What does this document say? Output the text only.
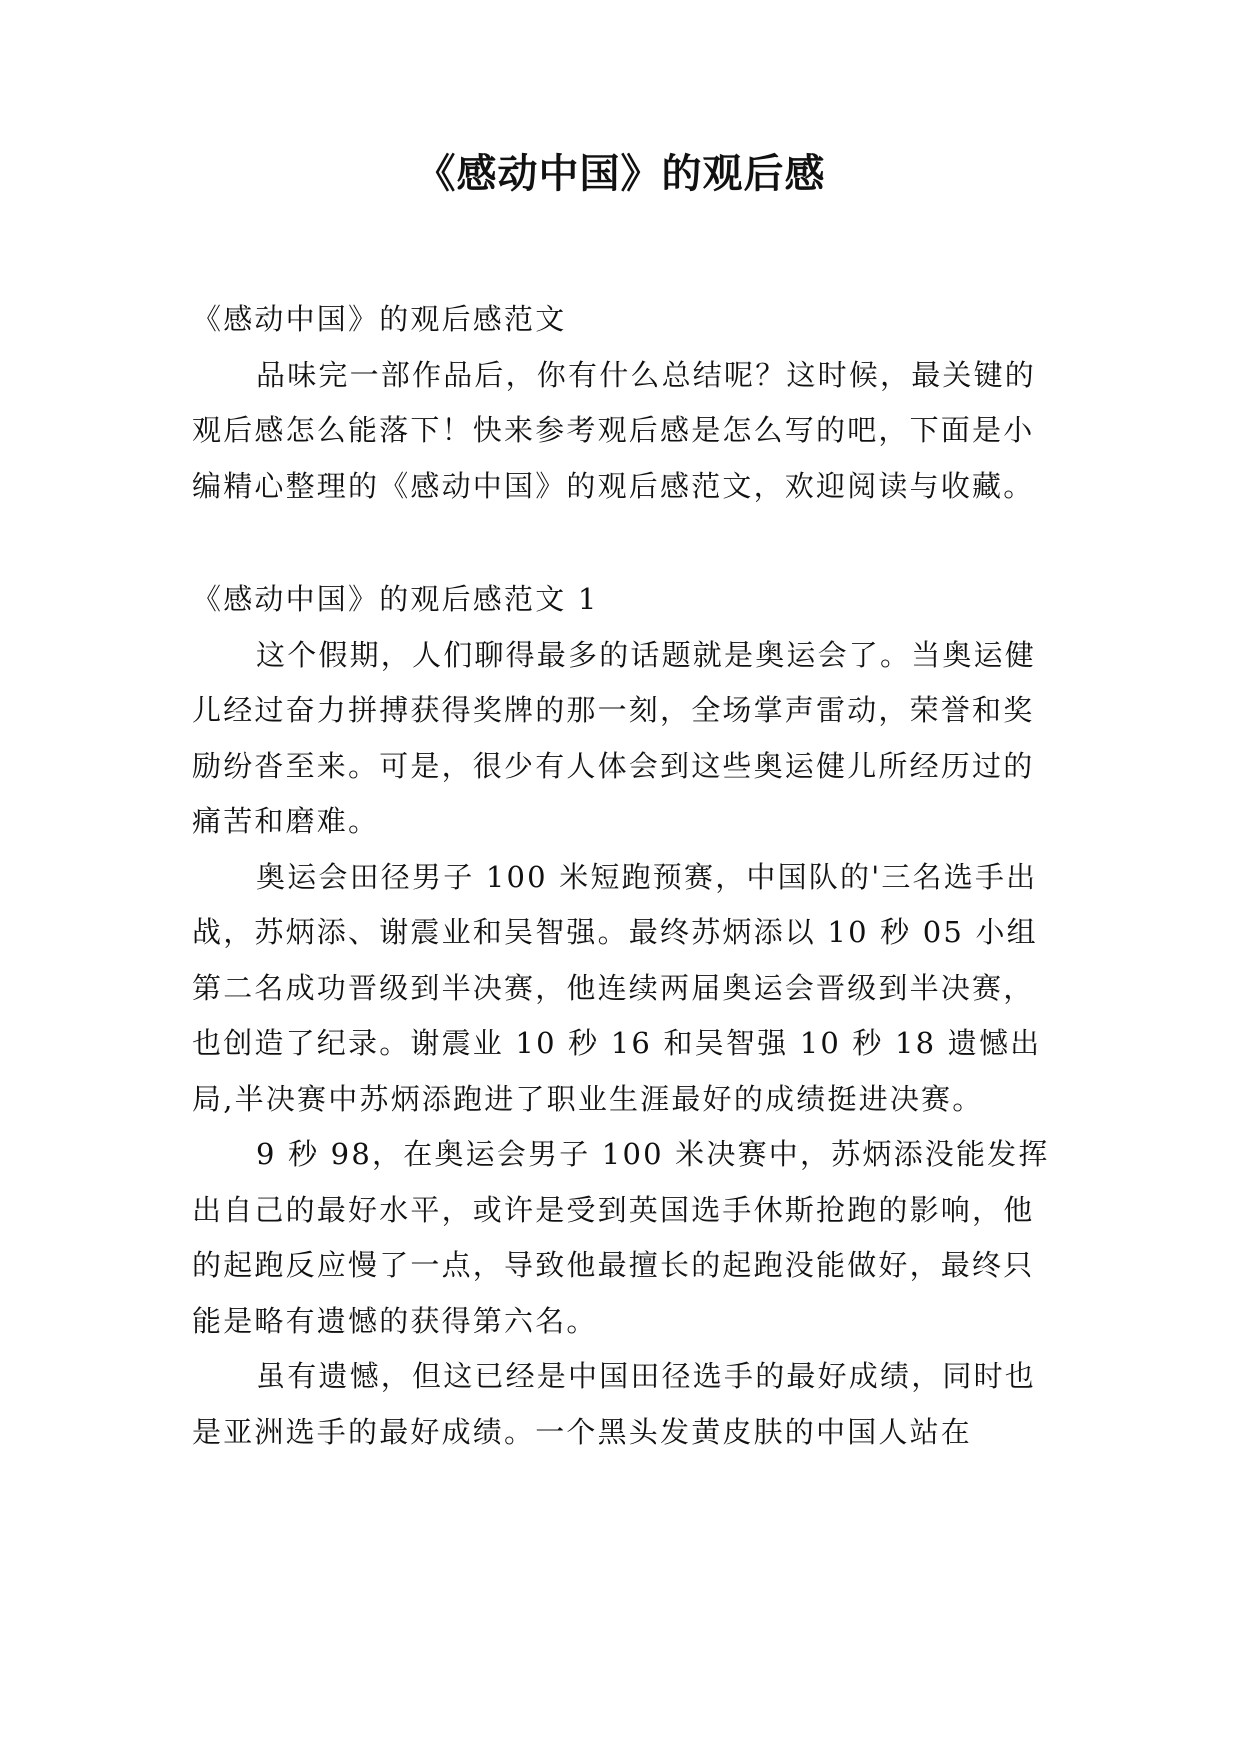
《感动中国》的观后感

《感动中国》的观后感范文

品味完一部作品后，你有什么总结呢？这时候，最关键的观后感怎么能落下！快来参考观后感是怎么写的吧，下面是小编精心整理的《感动中国》的观后感范文，欢迎阅读与收藏。

《感动中国》的观后感范文 1

这个假期，人们聊得最多的话题就是奥运会了。当奥运健儿经过奋力拼搏获得奖牌的那一刻，全场掌声雷动，荣誉和奖励纷沓至来。可是，很少有人体会到这些奥运健儿所经历过的痛苦和磨难。

奥运会田径男子 100 米短跑预赛，中国队的'三名选手出战，苏炳添、谢震业和吴智强。最终苏炳添以 10 秒 05 小组第二名成功晋级到半决赛，他连续两届奥运会晋级到半决赛，也创造了纪录。谢震业 10 秒 16 和吴智强 10 秒 18 遗憾出局,半决赛中苏炳添跑进了职业生涯最好的成绩挺进决赛。

9 秒 98，在奥运会男子 100 米决赛中，苏炳添没能发挥出自己的最好水平，或许是受到英国选手休斯抢跑的影响，他的起跑反应慢了一点，导致他最擅长的起跑没能做好，最终只能是略有遗憾的获得第六名。

虽有遗憾，但这已经是中国田径选手的最好成绩，同时也是亚洲选手的最好成绩。一个黑头发黄皮肤的中国人站在
